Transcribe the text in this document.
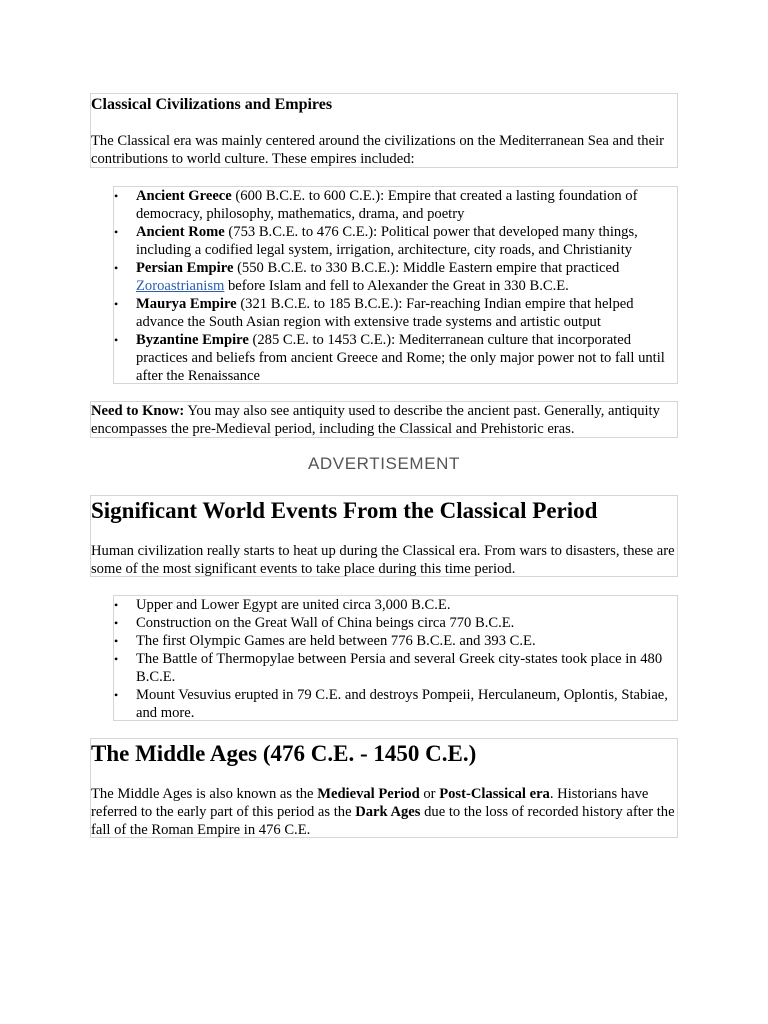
Classical Civilizations and Empires

The Classical era was mainly centered around the civilizations on the Mediterranean Sea and their contributions to world culture. These empires included:

• Ancient Greece (600 B.C.E. to 600 C.E.): Empire that created a lasting foundation of democracy, philosophy, mathematics, drama, and poetry
• Ancient Rome (753 B.C.E. to 476 C.E.): Political power that developed many things, including a codified legal system, irrigation, architecture, city roads, and Christianity
• Persian Empire (550 B.C.E. to 330 B.C.E.): Middle Eastern empire that practiced Zoroastrianism before Islam and fell to Alexander the Great in 330 B.C.E.
• Maurya Empire (321 B.C.E. to 185 B.C.E.): Far-reaching Indian empire that helped advance the South Asian region with extensive trade systems and artistic output
• Byzantine Empire (285 C.E. to 1453 C.E.): Mediterranean culture that incorporated practices and beliefs from ancient Greece and Rome; the only major power not to fall until after the Renaissance

Need to Know: You may also see antiquity used to describe the ancient past. Generally, antiquity encompasses the pre-Medieval period, including the Classical and Prehistoric eras.

ADVERTISEMENT

Significant World Events From the Classical Period

Human civilization really starts to heat up during the Classical era. From wars to disasters, these are some of the most significant events to take place during this time period.

• Upper and Lower Egypt are united circa 3,000 B.C.E.
• Construction on the Great Wall of China beings circa 770 B.C.E.
• The first Olympic Games are held between 776 B.C.E. and 393 C.E.
• The Battle of Thermopylae between Persia and several Greek city-states took place in 480 B.C.E.
• Mount Vesuvius erupted in 79 C.E. and destroys Pompeii, Herculaneum, Oplontis, Stabiae, and more.

The Middle Ages (476 C.E. - 1450 C.E.)

The Middle Ages is also known as the Medieval Period or Post-Classical era. Historians have referred to the early part of this period as the Dark Ages due to the loss of recorded history after the fall of the Roman Empire in 476 C.E.
